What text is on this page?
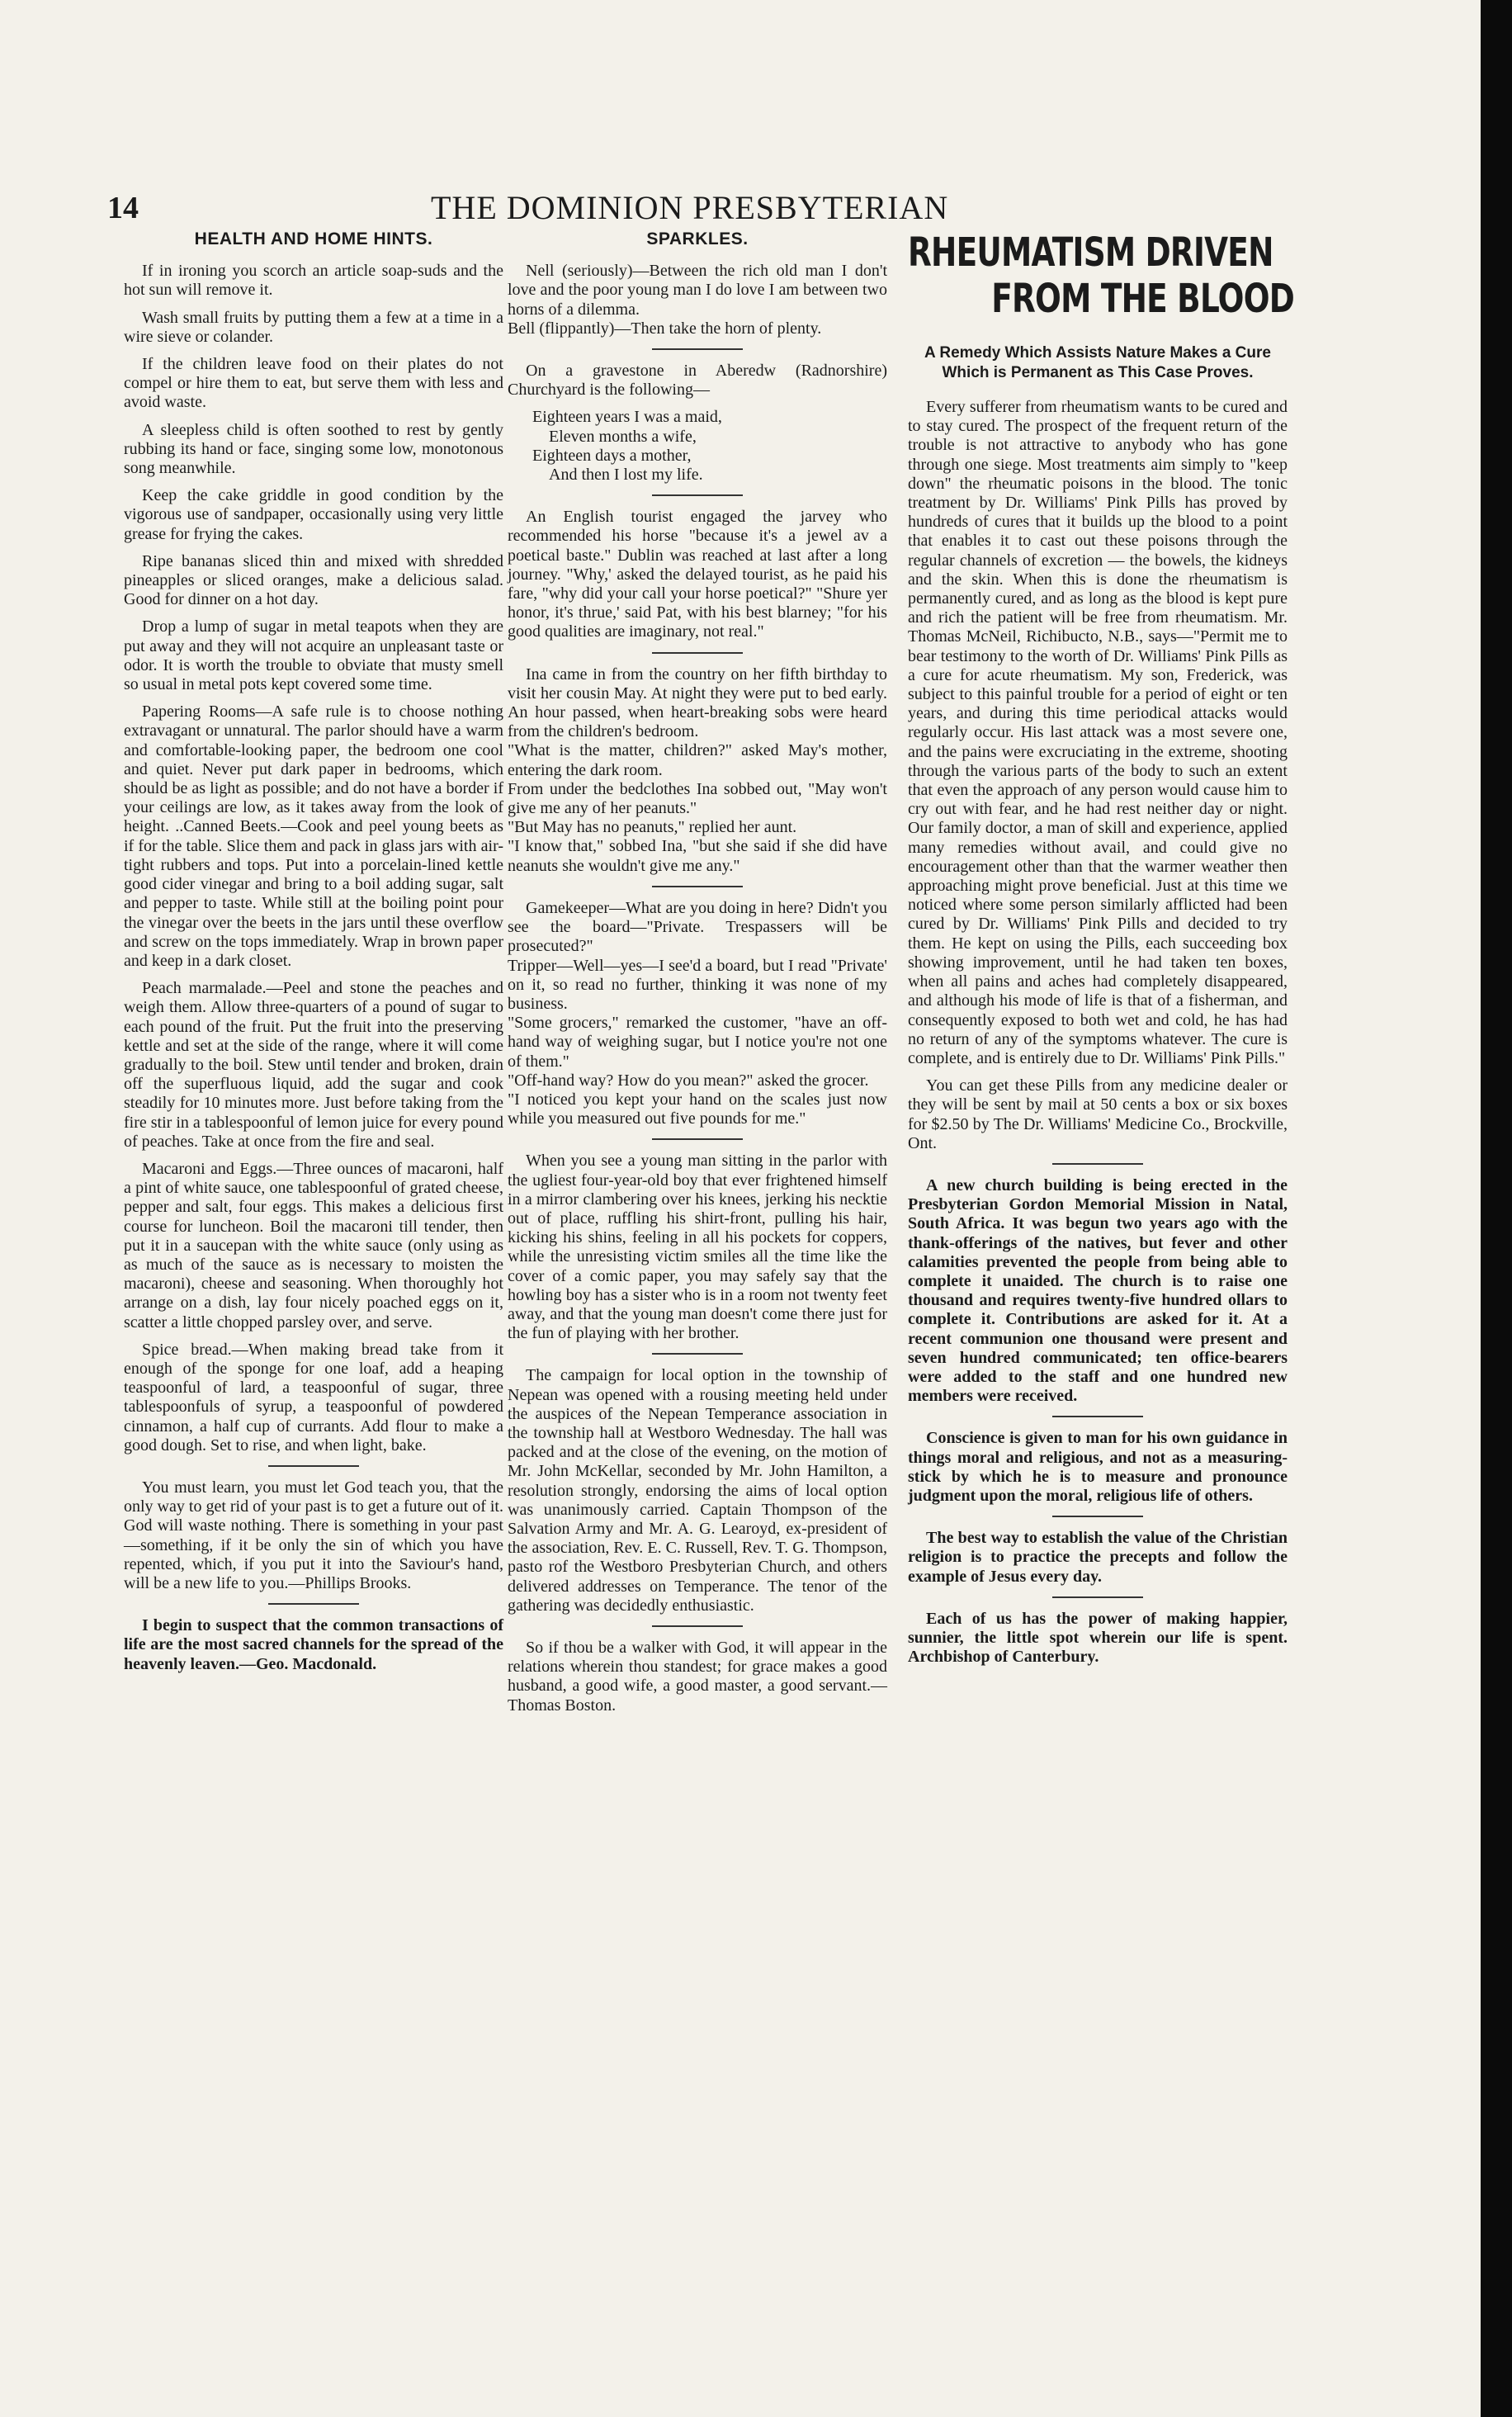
14	THE DOMINION PRESBYTERIAN
HEALTH AND HOME HINTS.

If in ironing you scorch an article soap-suds and the hot sun will remove it.

Wash small fruits by putting them a few at a time in a wire sieve or colander.

If the children leave food on their plates do not compel or hire them to eat, but serve them with less and avoid waste.

A sleepless child is often soothed to rest by gently rubbing its hand or face, singing some low, monotonous song meanwhile.

Keep the cake griddle in good condition by the vigorous use of sandpaper, occasionally using very little grease for frying the cakes.

Ripe bananas sliced thin and mixed with shredded pineapples or sliced oranges, make a delicious salad. Good for dinner on a hot day.

Drop a lump of sugar in metal teapots when they are put away and they will not acquire an unpleasant taste or odor. It is worth the trouble to obviate that musty smell so usual in metal pots kept covered some time.

Papering Rooms—A safe rule is to choose nothing extravagant or unnatural. The parlor should have a warm and comfortable-looking paper, the bedroom one cool and quiet. Never put dark paper in bedrooms, which should be as light as possible; and do not have a border if your ceilings are low, as it takes away from the look of height. ..Canned Beets.—Cook and peel young beets as if for the table. Slice them and pack in glass jars with air-tight rubbers and tops. Put into a porcelain-lined kettle good cider vinegar and bring to a boil adding sugar, salt and pepper to taste. While still at the boiling point pour the vinegar over the beets in the jars until these overflow and screw on the tops immediately. Wrap in brown paper and keep in a dark closet.

Peach marmalade.—Peel and stone the peaches and weigh them. Allow three-quarters of a pound of sugar to each pound of the fruit. Put the fruit into the preserving kettle and set at the side of the range, where it will come gradually to the boil. Stew until tender and broken, drain off the superfluous liquid, add the sugar and cook steadily for 10 minutes more. Just before taking from the fire stir in a tablespoonful of lemon juice for every pound of peaches. Take at once from the fire and seal.

Macaroni and Eggs.—Three ounces of macaroni, half a pint of white sauce, one tablespoonful of grated cheese, pepper and salt, four eggs. This makes a delicious first course for luncheon. Boil the macaroni till tender, then put it in a saucepan with the white sauce (only using as as much of the sauce as is necessary to moisten the macaroni), cheese and seasoning. When thoroughly hot arrange on a dish, lay four nicely poached eggs on it, scatter a little chopped parsley over, and serve.

Spice bread.—When making bread take from it enough of the sponge for one loaf, add a heaping teaspoonful of lard, a teaspoonful of sugar, three tablespoonfuls of syrup, a teaspoonful of powdered cinnamon, a half cup of currants. Add flour to make a good dough. Set to rise, and when light, bake.

You must learn, you must let God teach you, that the only way to get rid of your past is to get a future out of it. God will waste nothing. There is something in your past—something, if it be only the sin of which you have repented, which, if you put it into the Saviour's hand, will be a new life to you.—Phillips Brooks.

I begin to suspect that the common transactions of life are the most sacred channels for the spread of the heavenly leaven.—Geo. Macdonald.

SPARKLES.

Nell (seriously)—Between the rich old man I don't love and the poor young man I do love I am between two horns of a dilemma.
Bell (flippantly)—Then take the horn of plenty.

On a gravestone in Aberedw (Radnorshire) Churchyard is the following—

Eighteen years I was a maid,
Eleven months a wife,
Eighteen days a mother,
And then I lost my life.

An English tourist engaged the jarvey who recommended his horse "because it's a jewel av a poetical baste." Dublin was reached at last after a long journey. "Why,' asked the delayed tourist, as he paid his fare, "why did your call your horse poetical?" "Shure yer honor, it's thrue,' said Pat, with his best blarney; "for his good qualities are imaginary, not real."

Ina came in from the country on her fifth birthday to visit her cousin May. At night they were put to bed early. An hour passed, when heart-breaking sobs were heard from the children's bedroom.
"What is the matter, children?" asked May's mother, entering the dark room.
From under the bedclothes Ina sobbed out, "May won't give me any of her peanuts."
"But May has no peanuts," replied her aunt.
"I know that," sobbed Ina, "but she said if she did have neanuts she wouldn't give me any."

Gamekeeper—What are you doing in here? Didn't you see the board—"Private. Trespassers will be prosecuted?"
Tripper—Well—yes—I see'd a board, but I read "Private' on it, so read no further, thinking it was none of my business.
"Some grocers," remarked the customer, "have an off-hand way of weighing sugar, but I notice you're not one of them."
"Off-hand way? How do you mean?" asked the grocer.
"I noticed you kept your hand on the scales just now while you measured out five pounds for me."

When you see a young man sitting in the parlor with the ugliest four-year-old boy that ever frightened himself in a mirror clambering over his knees, jerking his necktie out of place, ruffling his shirt-front, pulling his hair, kicking his shins, feeling in all his pockets for coppers, while the unresisting victim smiles all the time like the cover of a comic paper, you may safely say that the howling boy has a sister who is in a room not twenty feet away, and that the young man doesn't come there just for the fun of playing with her brother.

The campaign for local option in the township of Nepean was opened with a rousing meeting held under the auspices of the Nepean Temperance association in the township hall at Westboro Wednesday. The hall was packed and at the close of the evening, on the motion of Mr. John McKellar, seconded by Mr. John Hamilton, a resolution strongly, endorsing the aims of local option was unanimously carried. Captain Thompson of the Salvation Army and Mr. A. G. Learoyd, ex-president of the association, Rev. E. C. Russell, Rev. T. G. Thompson, pasto rof the Westboro Presbyterian Church, and others delivered addresses on Temperance. The tenor of the gathering was decidedly enthusiastic.

So if thou be a walker with God, it will appear in the relations wherein thou standest; for grace makes a good husband, a good wife, a good master, a good servant.—Thomas Boston.

RHEUMATISM DRIVEN
FROM THE BLOOD
A Remedy Which Assists Nature Makes a Cure Which is Permanent as This Case Proves.

Every sufferer from rheumatism wants to be cured and to stay cured. The prospect of the frequent return of the trouble is not attractive to anybody who has gone through one siege. Most treatments aim simply to "keep down" the rheumatic poisons in the blood. The tonic treatment by Dr. Williams' Pink Pills has proved by hundreds of cures that it builds up the blood to a point that enables it to cast out these poisons through the regular channels of excretion — the bowels, the kidneys and the skin. When this is done the rheumatism is permanently cured, and as long as the blood is kept pure and rich the patient will be free from rheumatism. Mr. Thomas McNeil, Richibucto, N.B., says—"Permit me to bear testimony to the worth of Dr. Williams' Pink Pills as a cure for acute rheumatism. My son, Frederick, was subject to this painful trouble for a period of eight or ten years, and during this time periodical attacks would regularly occur. His last attack was a most severe one, and the pains were excruciating in the extreme, shooting through the various parts of the body to such an extent that even the approach of any person would cause him to cry out with fear, and he had rest neither day or night. Our family doctor, a man of skill and experience, applied many remedies without avail, and could give no encouragement other than that the warmer weather then approaching might prove beneficial. Just at this time we noticed where some person similarly afflicted had been cured by Dr. Williams' Pink Pills and decided to try them. He kept on using the Pills, each succeeding box showing improvement, until he had taken ten boxes, when all pains and aches had completely disappeared, and although his mode of life is that of a fisherman, and consequently exposed to both wet and cold, he has had no return of any of the symptoms whatever. The cure is complete, and is entirely due to Dr. Williams' Pink Pills."

You can get these Pills from any medicine dealer or they will be sent by mail at 50 cents a box or six boxes for $2.50 by The Dr. Williams' Medicine Co., Brockville, Ont.

A new church building is being erected in the Presbyterian Gordon Memorial Mission in Natal, South Africa. It was begun two years ago with the thank-offerings of the natives, but fever and other calamities prevented the people from being able to complete it unaided. The church is to raise one thousand and requires twenty-five hundred ollars to complete it. Contributions are asked for it. At a recent communion one thousand were present and seven hundred communicated; ten office-bearers were added to the staff and one hundred new members were received.

Conscience is given to man for his own guidance in things moral and religious, and not as a measuring-stick by which he is to measure and pronounce judgment upon the moral, religious life of others.

The best way to establish the value of the Christian religion is to practice the precepts and follow the example of Jesus every day.

Each of us has the power of making happier, sunnier, the little spot wherein our life is spent. Archbishop of Canterbury.
